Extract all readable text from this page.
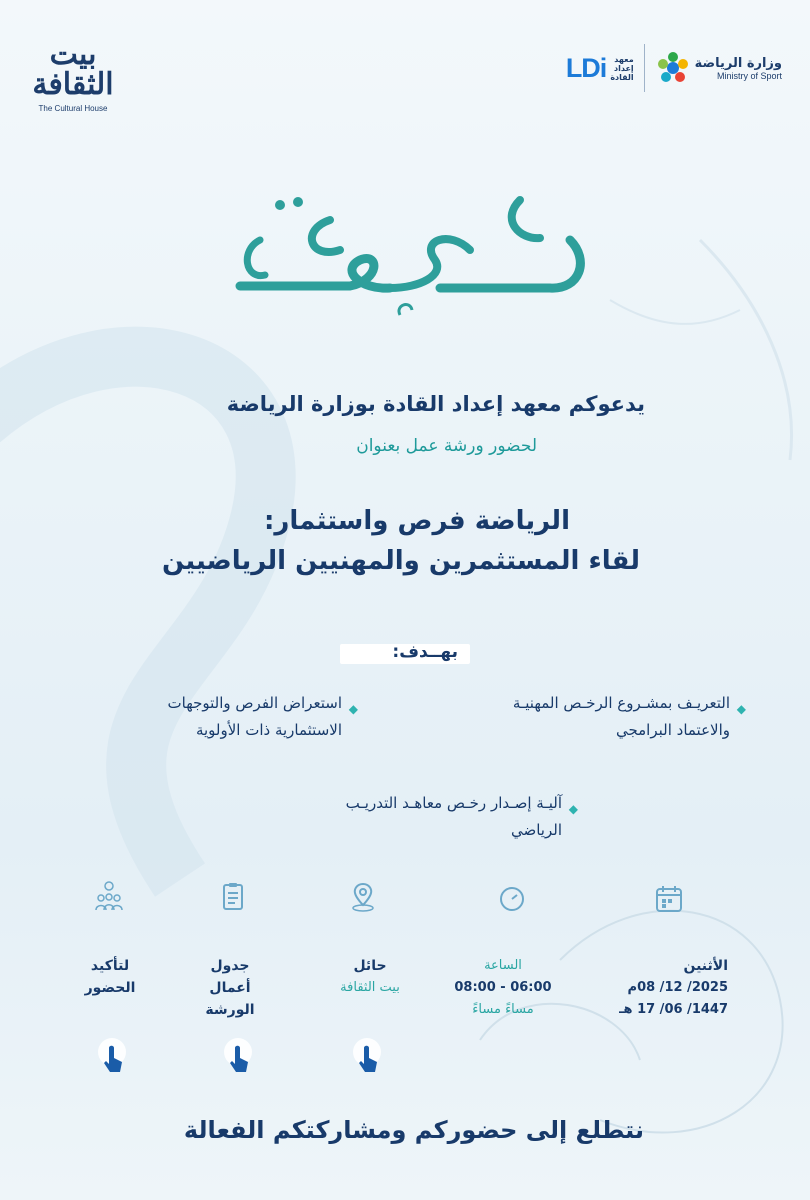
بيت الثقافة
The Cultural House
LDi معهد
إعداد
القادة
وزارة الرياضة
Ministry of Sport
يدعوكم معهد إعداد القادة بوزارة الرياضة
لحضور ورشة عمل بعنوان
الرياضة فرص واستثمار:
لقاء المستثمرين والمهنيين الرياضيين
بهــدف:
◆
التعريـف بمشـروع الرخـص المهنيـة
والاعتماد البرامجي
◆
استعراض الفرص والتوجهات
الاستثمارية ذات الأولوية
◆
آليـة إصـدار رخـص معاهـد التدريـب
الرياضي
الأثنين
2025/ 12/ 08م
1447/ 06/ 17 هـ
الساعة
06:00 - 08:00
مساءً مساءً
حائل
بيت الثقافة
جدول
أعمال
الورشة
لتأكيد
الحضور
نتطلع إلى حضوركم ومشاركتكم الفعالة
